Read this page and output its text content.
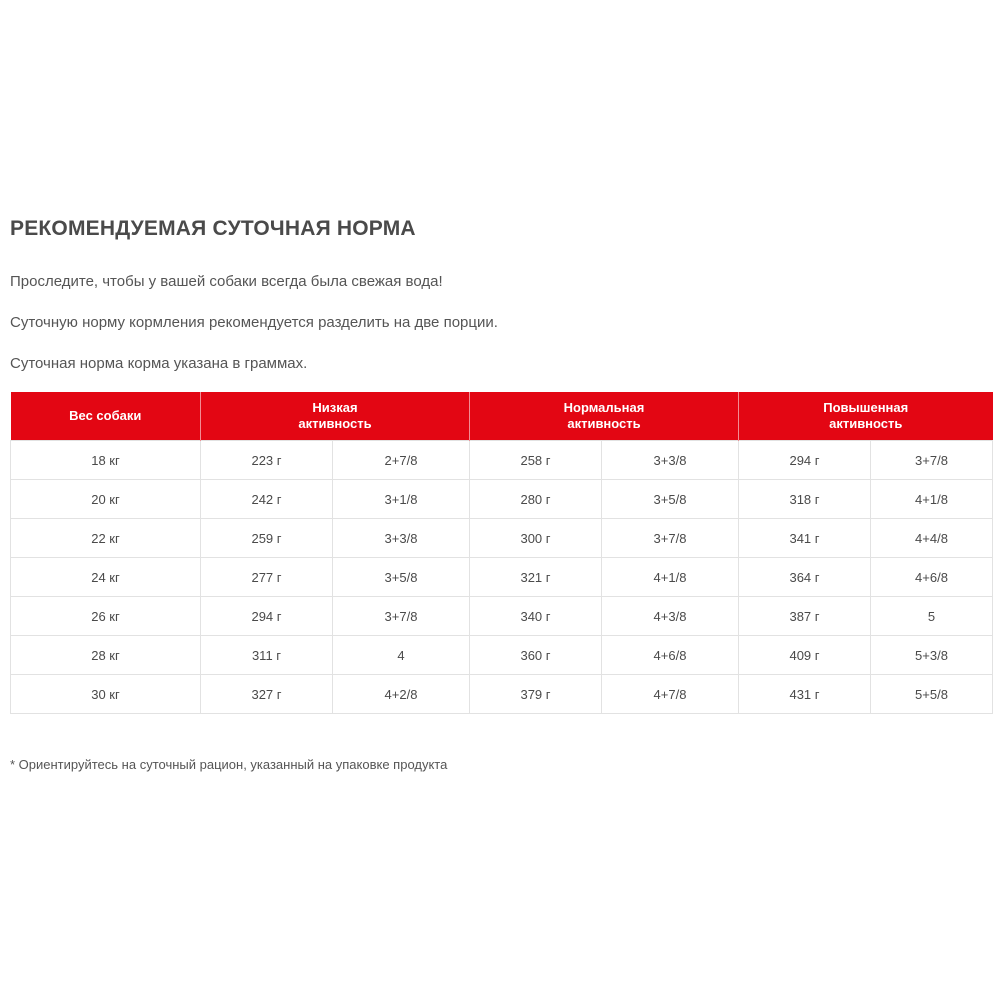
РЕКОМЕНДУЕМАЯ СУТОЧНАЯ НОРМА

Проследите, чтобы у вашей собаки всегда была свежая вода!

Суточную норму кормления рекомендуется разделить на две порции.

Суточная норма корма указана в граммах.

Вес собаки	Низкая активность		Нормальная активность		Повышенная активность	
18 кг	223 г	2+7/8	258 г	3+3/8	294 г	3+7/8
20 кг	242 г	3+1/8	280 г	3+5/8	318 г	4+1/8
22 кг	259 г	3+3/8	300 г	3+7/8	341 г	4+4/8
24 кг	277 г	3+5/8	321 г	4+1/8	364 г	4+6/8
26 кг	294 г	3+7/8	340 г	4+3/8	387 г	5
28 кг	311 г	4	360 г	4+6/8	409 г	5+3/8
30 кг	327 г	4+2/8	379 г	4+7/8	431 г	5+5/8

* Ориентируйтесь на суточный рацион, указанный на упаковке продукта
